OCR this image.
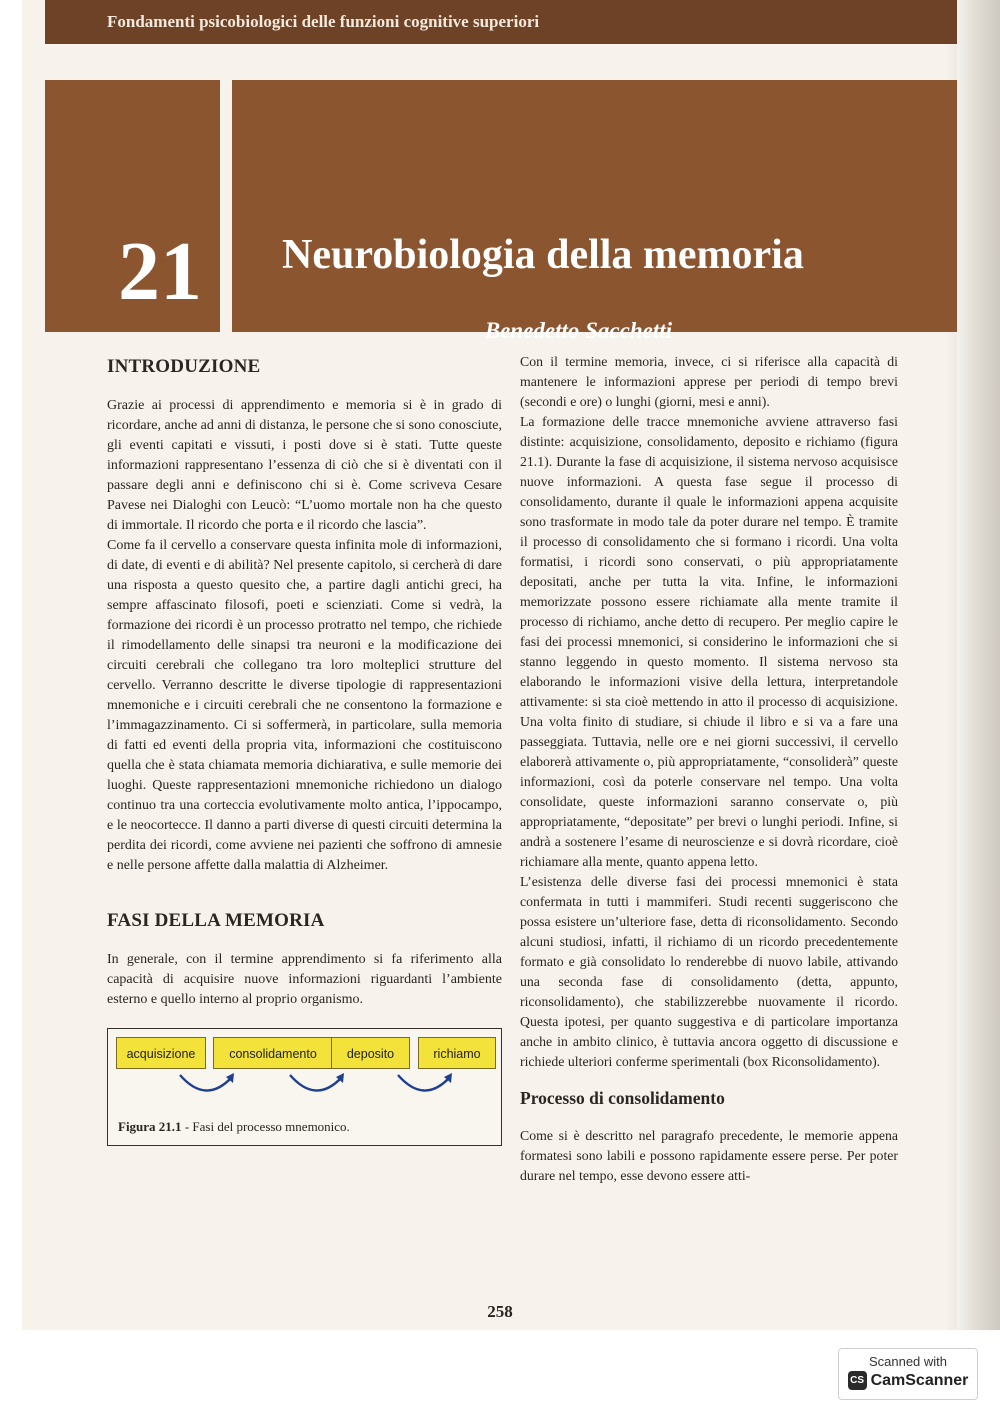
Fondamenti psicobiologici delle funzioni cognitive superiori
21 Neurobiologia della memoria
Benedetto Sacchetti
INTRODUZIONE

Grazie ai processi di apprendimento e memoria si è in grado di ricordare, anche ad anni di distanza, le persone che si sono conosciute, gli eventi capitati e vissuti, i posti dove si è stati. Tutte queste informazioni rappresentano l’essenza di ciò che si è diventati con il passare degli anni e definiscono chi si è. Come scriveva Cesare Pavese nei Dialoghi con Leucò: “L’uomo mortale non ha che questo di immortale. Il ricordo che porta e il ricordo che lascia”.

Come fa il cervello a conservare questa infinita mole di informazioni, di date, di eventi e di abilità? Nel presente capitolo, si cercherà di dare una risposta a questo quesito che, a partire dagli antichi greci, ha sempre affascinato filosofi, poeti e scienziati. Come si vedrà, la formazione dei ricordi è un processo protratto nel tempo, che richiede il rimodellamento delle sinapsi tra neuroni e la modificazione dei circuiti cerebrali che collegano tra loro molteplici strutture del cervello. Verranno descritte le diverse tipologie di rappresentazioni mnemoniche e i circuiti cerebrali che ne consentono la formazione e l’immagazzinamento. Ci si soffermerà, in particolare, sulla memoria di fatti ed eventi della propria vita, informazioni che costituiscono quella che è stata chiamata memoria dichiarativa, e sulle memorie dei luoghi. Queste rappresentazioni mnemoniche richiedono un dialogo continuo tra una corteccia evolutivamente molto antica, l’ippocampo, e le neocortecce. Il danno a parti diverse di questi circuiti determina la perdita dei ricordi, come avviene nei pazienti che soffrono di amnesie e nelle persone affette dalla malattia di Alzheimer.

FASI DELLA MEMORIA

In generale, con il termine apprendimento si fa riferimento alla capacità di acquisire nuove informazioni riguardanti l’ambiente esterno e quello interno al proprio organismo.

acquisizione	consolidamento	deposito	richiamo
Figura 21.1 - Fasi del processo mnemonico.

Con il termine memoria, invece, ci si riferisce alla capacità di mantenere le informazioni apprese per periodi di tempo brevi (secondi e ore) o lunghi (giorni, mesi e anni).

La formazione delle tracce mnemoniche avviene attraverso fasi distinte: acquisizione, consolidamento, deposito e richiamo (figura 21.1). Durante la fase di acquisizione, il sistema nervoso acquisisce nuove informazioni. A questa fase segue il processo di consolidamento, durante il quale le informazioni appena acquisite sono trasformate in modo tale da poter durare nel tempo. È tramite il processo di consolidamento che si formano i ricordi. Una volta formatisi, i ricordi sono conservati, o più appropriatamente depositati, anche per tutta la vita. Infine, le informazioni memorizzate possono essere richiamate alla mente tramite il processo di richiamo, anche detto di recupero. Per meglio capire le fasi dei processi mnemonici, si considerino le informazioni che si stanno leggendo in questo momento. Il sistema nervoso sta elaborando le informazioni visive della lettura, interpretandole attivamente: si sta cioè mettendo in atto il processo di acquisizione. Una volta finito di studiare, si chiude il libro e si va a fare una passeggiata. Tuttavia, nelle ore e nei giorni successivi, il cervello elaborerà attivamente o, più appropriatamente, “consoliderà” queste informazioni, così da poterle conservare nel tempo. Una volta consolidate, queste informazioni saranno conservate o, più appropriatamente, “depositate” per brevi o lunghi periodi. Infine, si andrà a sostenere l’esame di neuroscienze e si dovrà ricordare, cioè richiamare alla mente, quanto appena letto.

L’esistenza delle diverse fasi dei processi mnemonici è stata confermata in tutti i mammiferi. Studi recenti suggeriscono che possa esistere un’ulteriore fase, detta di riconsolidamento. Secondo alcuni studiosi, infatti, il richiamo di un ricordo precedentemente formato e già consolidato lo renderebbe di nuovo labile, attivando una seconda fase di consolidamento (detta, appunto, riconsolidamento), che stabilizzerebbe nuovamente il ricordo. Questa ipotesi, per quanto suggestiva e di particolare importanza anche in ambito clinico, è tuttavia ancora oggetto di discussione e richiede ulteriori conferme sperimentali (box Riconsolidamento).

Processo di consolidamento

Come si è descritto nel paragrafo precedente, le memorie appena formatesi sono labili e possono rapidamente essere perse. Per poter durare nel tempo, esse devono essere atti-

258
Scanned with
CS CamScanner
